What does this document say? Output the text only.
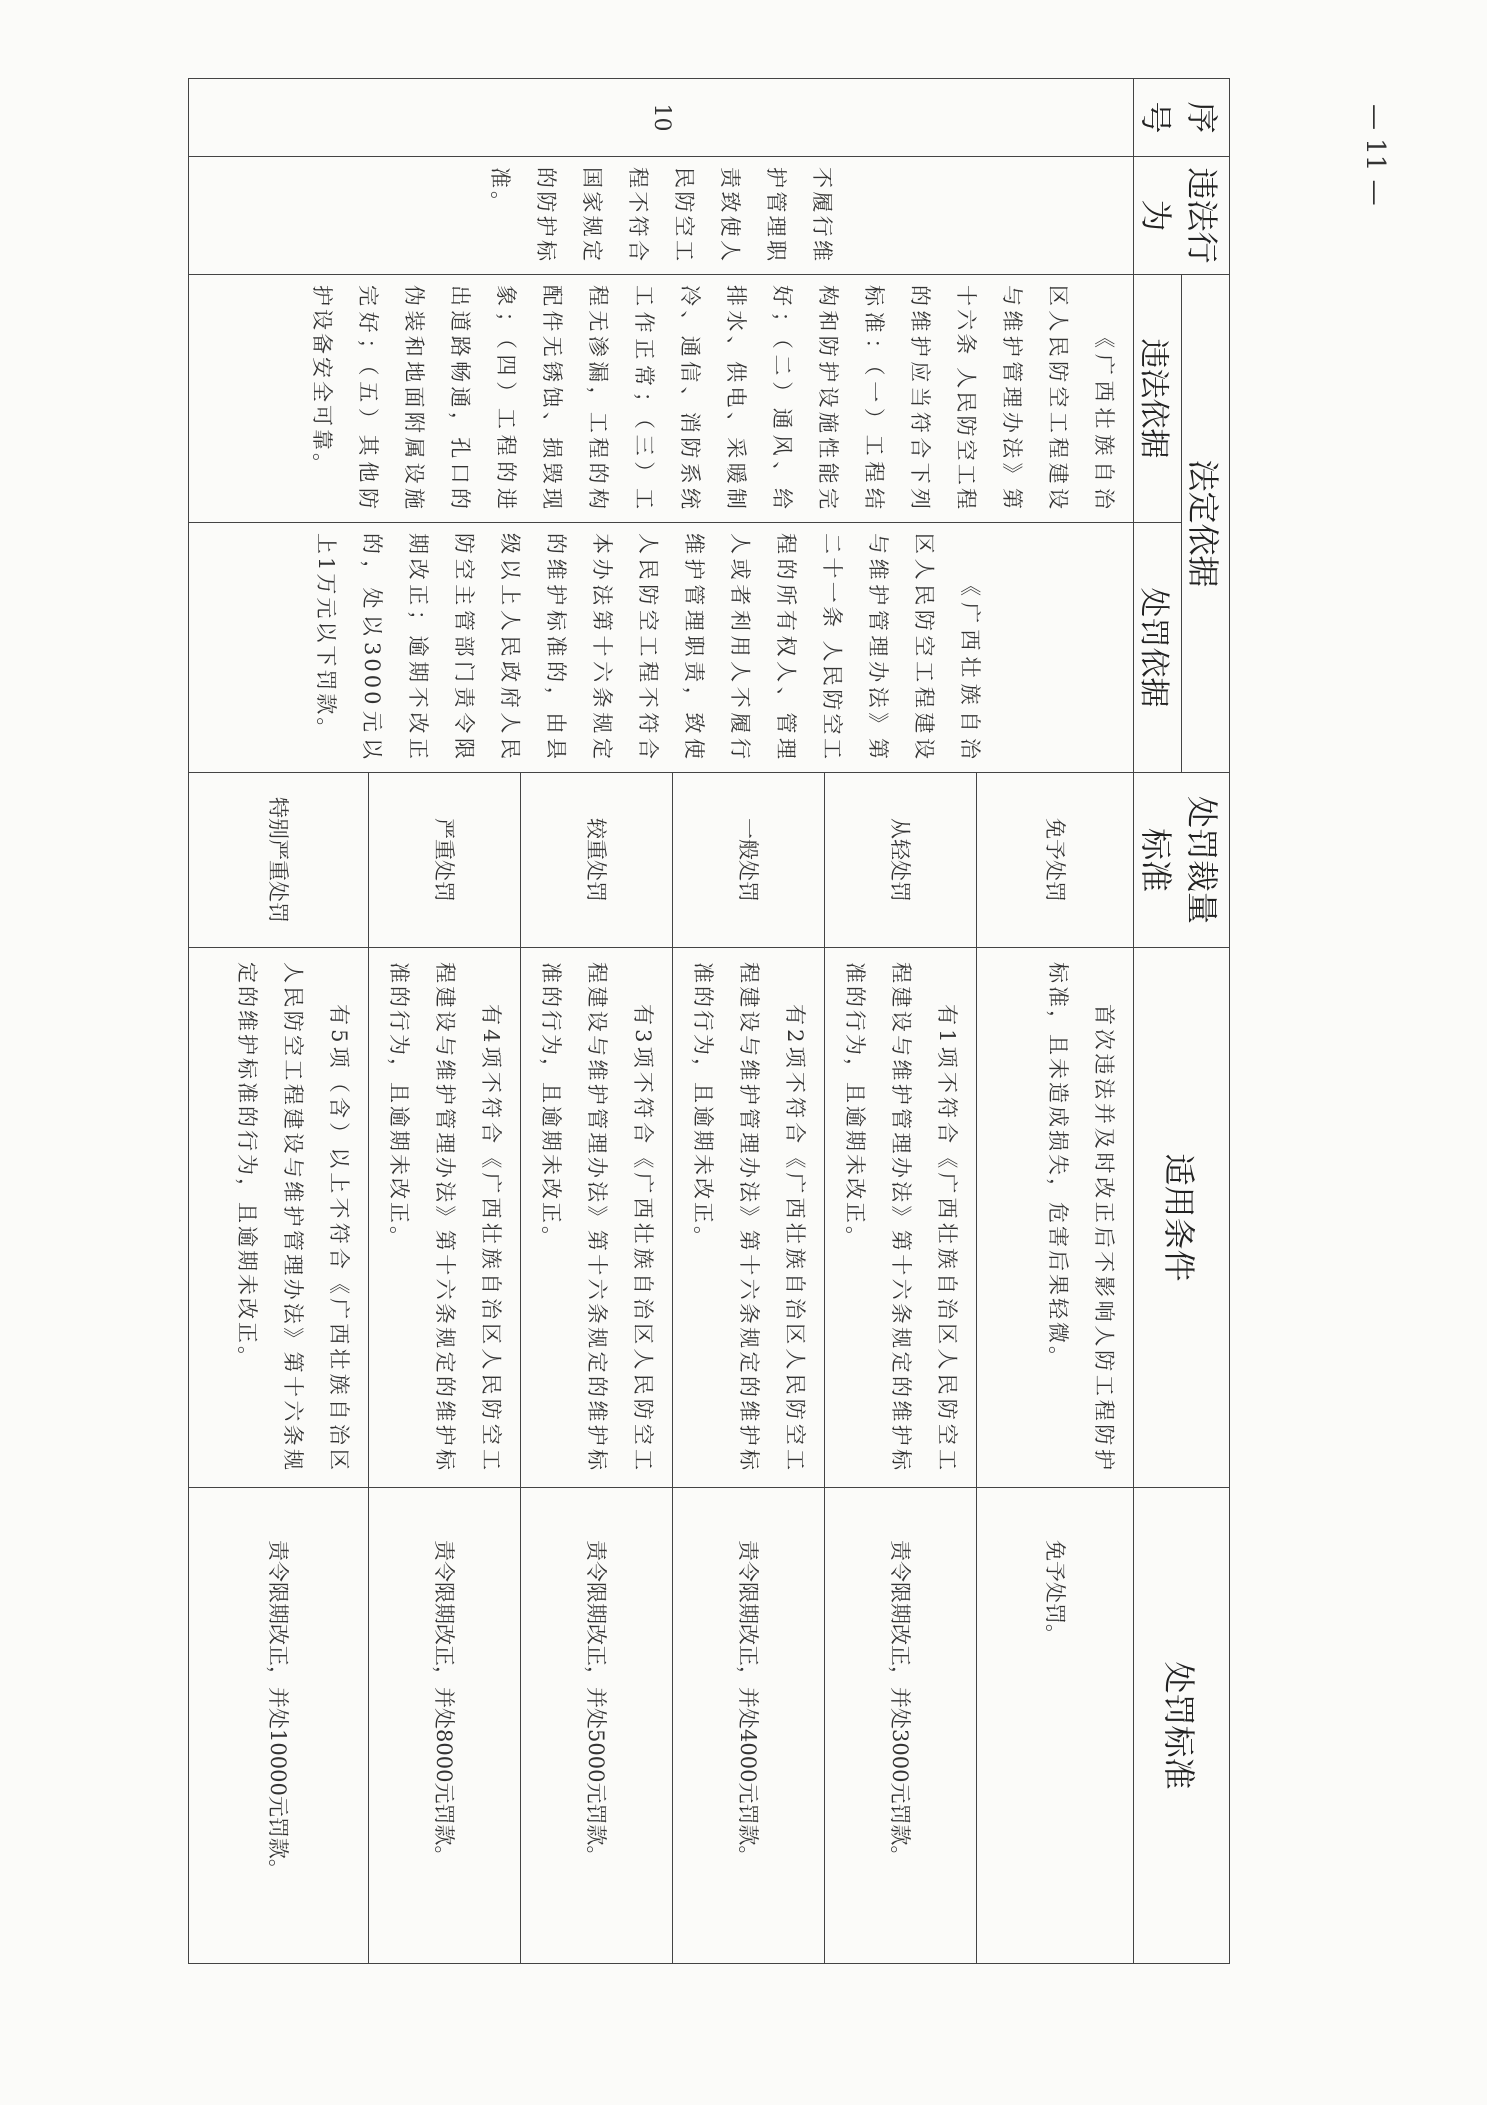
— 11 —
序号	违法行为	法定依据		处罚裁量标准	适用条件	处罚标准
		违法依据	处罚依据			
10	不履行维护管理职责致使人民防空工程不符合国家规定的防护标准。	《广西壮族自治区人民防空工程建设与维护管理办法》第十六条 人民防空工程的维护应当符合下列标准：（一）工程结构和防护设施性能完好；（二）通风、给排水、供电、采暖制冷、通信、消防系统工作正常；（三）工程无渗漏，工程的构配件无锈蚀、损毁现象；（四）工程的进出道路畅通，孔口的伪装和地面附属设施完好；（五）其他防护设备安全可靠。	《广西壮族自治区人民防空工程建设与维护管理办法》第二十一条 人民防空工程的所有权人、管理人或者利用人不履行维护管理职责，致使人民防空工程不符合本办法第十六条规定的维护标准的，由县级以上人民政府人民防空主管部门责令限期改正；逾期不改正的，处以3000元以上1万元以下罚款。	免予处罚	首次违法并及时改正后不影响人防工程防护标准，且未造成损失，危害后果轻微。	免予处罚。
				从轻处罚	有1项不符合《广西壮族自治区人民防空工程建设与维护管理办法》第十六条规定的维护标准的行为，且逾期未改正。	责令限期改正，并处3000元罚款。
				一般处罚	有2项不符合《广西壮族自治区人民防空工程建设与维护管理办法》第十六条规定的维护标准的行为，且逾期未改正。	责令限期改正，并处4000元罚款。
				较重处罚	有3项不符合《广西壮族自治区人民防空工程建设与维护管理办法》第十六条规定的维护标准的行为，且逾期未改正。	责令限期改正，并处5000元罚款。
				严重处罚	有4项不符合《广西壮族自治区人民防空工程建设与维护管理办法》第十六条规定的维护标准的行为，且逾期未改正。	责令限期改正，并处8000元罚款。
				特别严重处罚	有5项（含）以上不符合《广西壮族自治区人民防空工程建设与维护管理办法》第十六条规定的维护标准的行为，且逾期未改正。	责令限期改正，并处10000元罚款。
